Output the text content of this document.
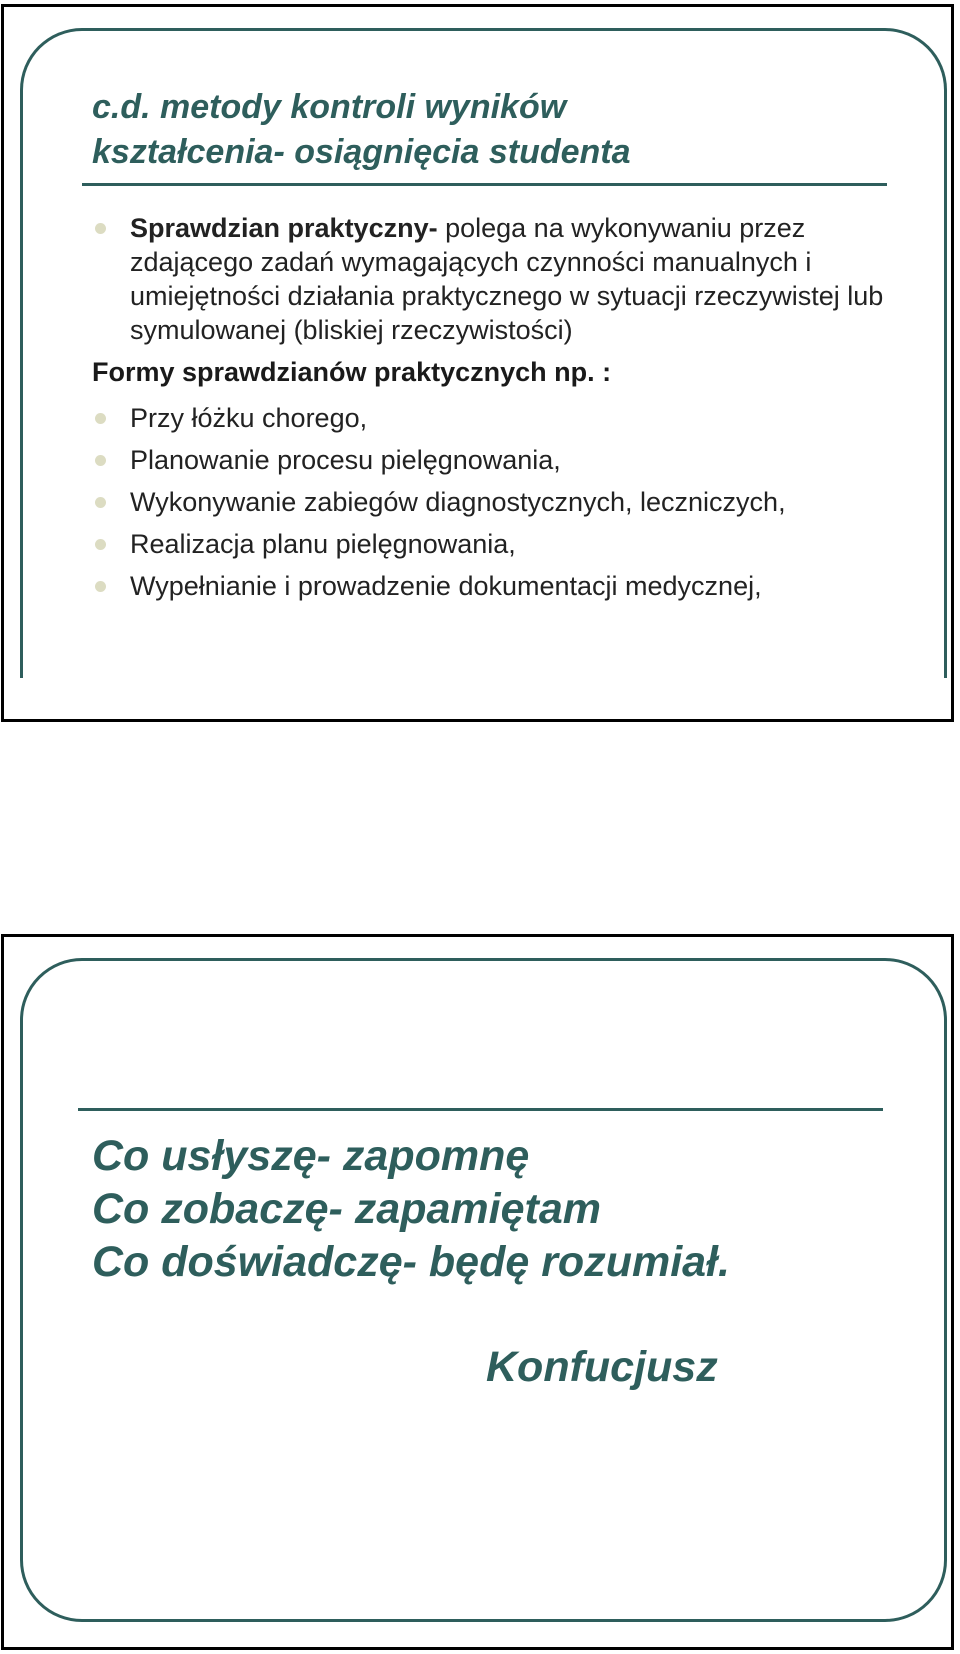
c.d. metody kontroli wyników
kształcenia- osiągnięcia studenta
Sprawdzian praktyczny- polega na wykonywaniu przez zdającego zadań wymagających czynności manualnych i umiejętności działania praktycznego w sytuacji rzeczywistej lub symulowanej (bliskiej rzeczywistości)
Formy sprawdzianów praktycznych np. :
Przy łóżku chorego,
Planowanie procesu pielęgnowania,
Wykonywanie zabiegów diagnostycznych, leczniczych,
Realizacja planu pielęgnowania,
Wypełnianie i prowadzenie dokumentacji medycznej,

Co usłyszę- zapomnę
Co zobaczę- zapamiętam
Co doświadczę- będę rozumiał.

Konfucjusz
